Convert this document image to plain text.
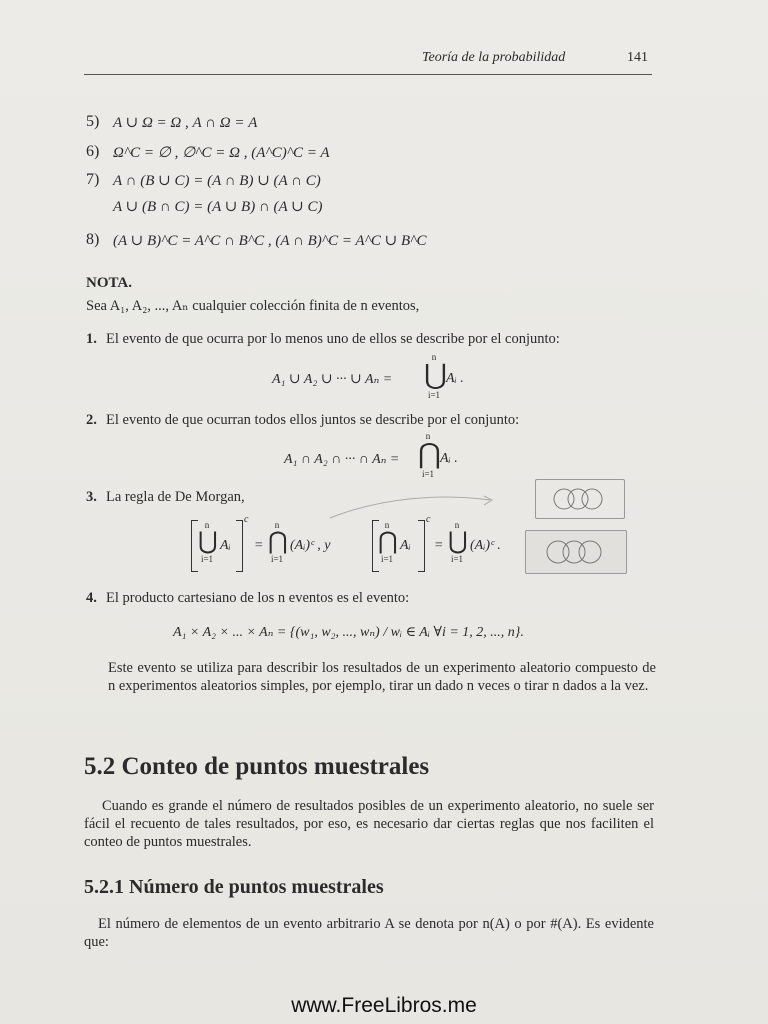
Teoría de la probabilidad	141
5) A ∪ Ω = Ω , A ∩ Ω = A
6) Ω^C = ∅ , ∅^C = Ω , (A^C)^C = A
7) A ∩ (B ∪ C) = (A ∩ B) ∪ (A ∩ C)
A ∪ (B ∩ C) = (A ∪ B) ∩ (A ∪ C)
8) (A ∪ B)^C = A^C ∩ B^C , (A ∩ B)^C = A^C ∪ B^C
NOTA.
Sea A₁, A₂, ..., Aₙ cualquier colección finita de n eventos,
1. El evento de que ocurra por lo menos uno de ellos se describe por el conjunto:
A₁ ∪ A₂ ∪ ··· ∪ Aₙ =
n
⋃
i=1
Aᵢ .
2. El evento de que ocurran todos ellos juntos se describe por el conjunto:
A₁ ∩ A₂ ∩ ··· ∩ Aₙ =
n
⋂
i=1
Aᵢ .
3. La regla de De Morgan,
n
⋃
i=1
Aᵢ
c
=
n
⋂
i=1
(Aᵢ)ᶜ , y
n
⋂
i=1
Aᵢ
c
=
n
⋃
i=1
(Aᵢ)ᶜ .
4. El producto cartesiano de los n eventos es el evento:
A₁ × A₂ × ... × Aₙ = {(w₁, w₂, ..., wₙ) / wᵢ ∈ Aᵢ ∀i = 1, 2, ..., n}.
Este evento se utiliza para describir los resultados de un experimento aleatorio compuesto de n experimentos aleatorios simples, por ejemplo, tirar un dado n veces o tirar n dados a la vez.
5.2 Conteo de puntos muestrales
Cuando es grande el número de resultados posibles de un experimento aleatorio, no suele ser fácil el recuento de tales resultados, por eso, es necesario dar ciertas reglas que nos faciliten el conteo de puntos muestrales.
5.2.1 Número de puntos muestrales
El número de elementos de un evento arbitrario A se denota por n(A) o por #(A). Es evidente que:
www.FreeLibros.me
